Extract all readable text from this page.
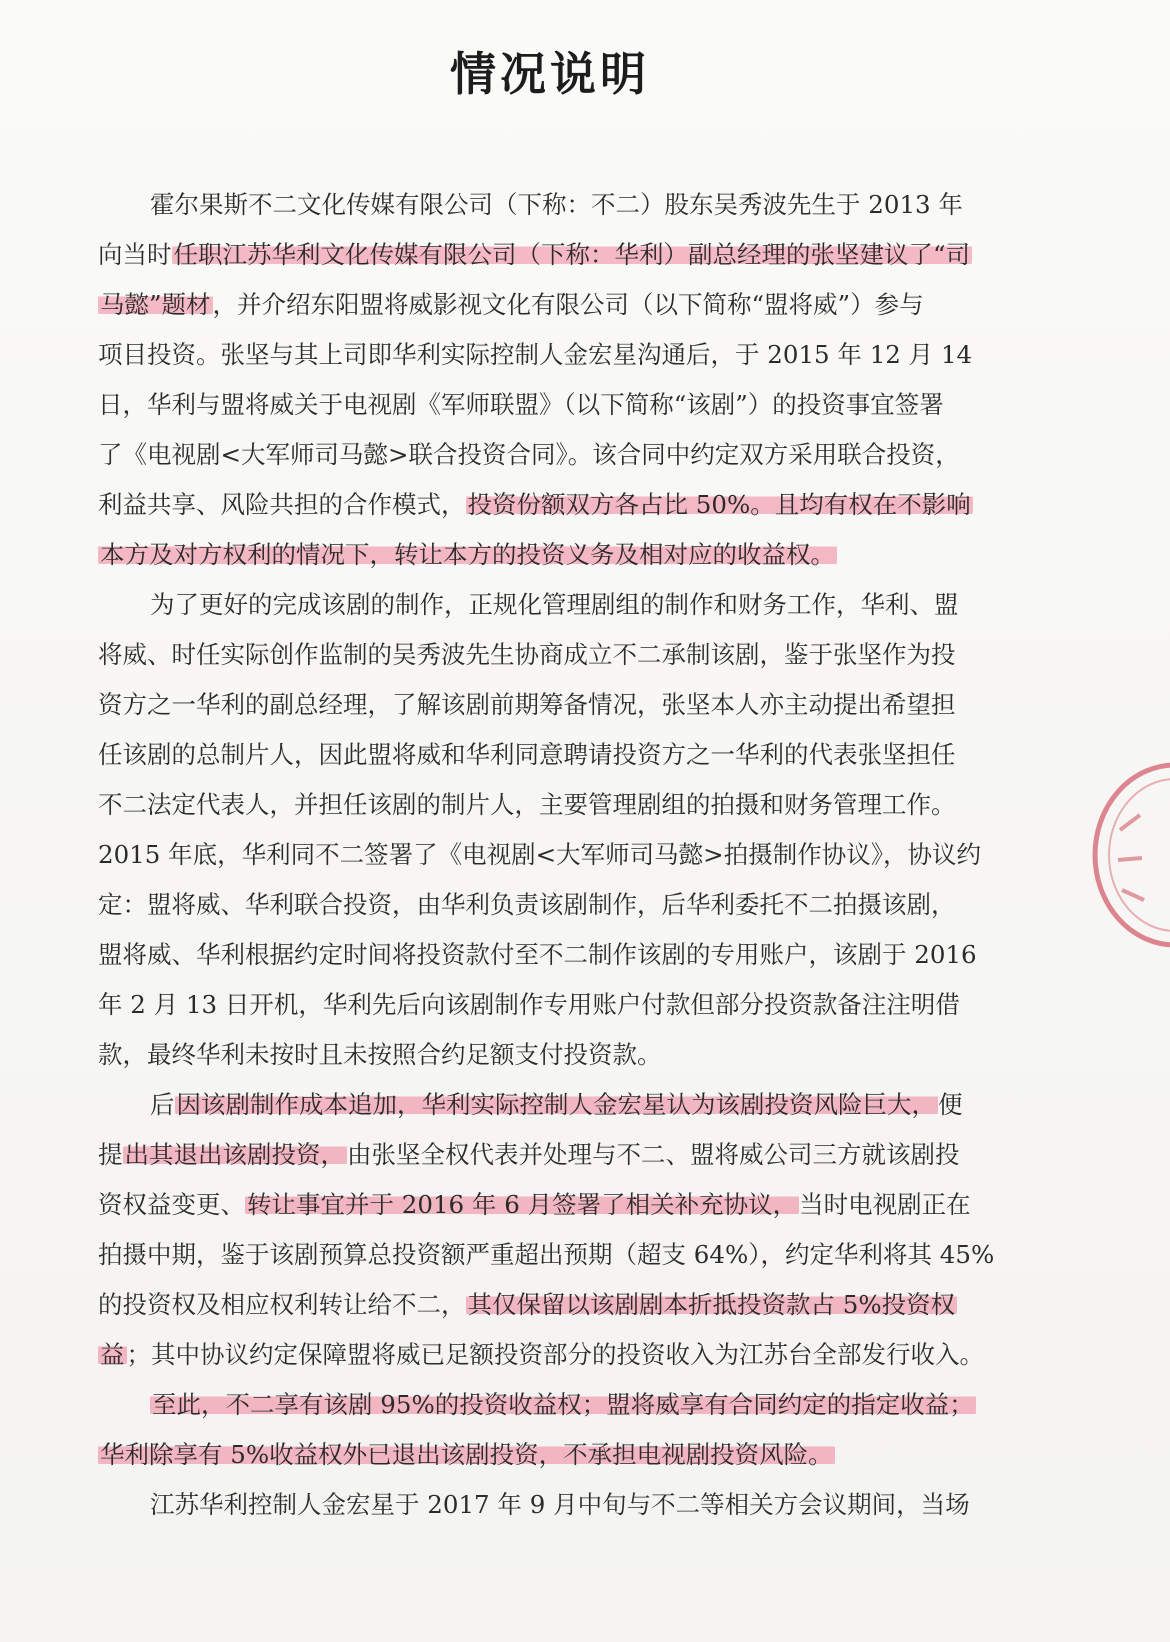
情况说明
霍尔果斯不二文化传媒有限公司（下称：不二）股东吴秀波先生于 2013 年
向当时任职江苏华利文化传媒有限公司（下称：华利）副总经理的张坚建议了“司
马懿”题材，并介绍东阳盟将威影视文化有限公司（以下简称“盟将威”）参与
项目投资。张坚与其上司即华利实际控制人金宏星沟通后，于 2015 年 12 月 14
日，华利与盟将威关于电视剧《军师联盟》（以下简称“该剧”）的投资事宜签署
了《电视剧<大军师司马懿>联合投资合同》。该合同中约定双方采用联合投资，
利益共享、风险共担的合作模式，投资份额双方各占比 50%。且均有权在不影响
本方及对方权利的情况下，转让本方的投资义务及相对应的收益权。
为了更好的完成该剧的制作，正规化管理剧组的制作和财务工作，华利、盟
将威、时任实际创作监制的吴秀波先生协商成立不二承制该剧，鉴于张坚作为投
资方之一华利的副总经理，了解该剧前期筹备情况，张坚本人亦主动提出希望担
任该剧的总制片人，因此盟将威和华利同意聘请投资方之一华利的代表张坚担任
不二法定代表人，并担任该剧的制片人，主要管理剧组的拍摄和财务管理工作。
2015 年底，华利同不二签署了《电视剧<大军师司马懿>拍摄制作协议》，协议约
定：盟将威、华利联合投资，由华利负责该剧制作，后华利委托不二拍摄该剧，
盟将威、华利根据约定时间将投资款付至不二制作该剧的专用账户，该剧于 2016
年 2 月 13 日开机，华利先后向该剧制作专用账户付款但部分投资款备注注明借
款，最终华利未按时且未按照合约足额支付投资款。
后因该剧制作成本追加，华利实际控制人金宏星认为该剧投资风险巨大，便
提出其退出该剧投资，由张坚全权代表并处理与不二、盟将威公司三方就该剧投
资权益变更、转让事宜并于 2016 年 6 月签署了相关补充协议，当时电视剧正在
拍摄中期，鉴于该剧预算总投资额严重超出预期（超支 64%），约定华利将其 45%
的投资权及相应权利转让给不二，其仅保留以该剧剧本折抵投资款占 5%投资权
益；其中协议约定保障盟将威已足额投资部分的投资收入为江苏台全部发行收入。
至此，不二享有该剧 95%的投资收益权；盟将威享有合同约定的指定收益；
华利除享有 5%收益权外已退出该剧投资，不承担电视剧投资风险。
江苏华利控制人金宏星于 2017 年 9 月中旬与不二等相关方会议期间，当场
